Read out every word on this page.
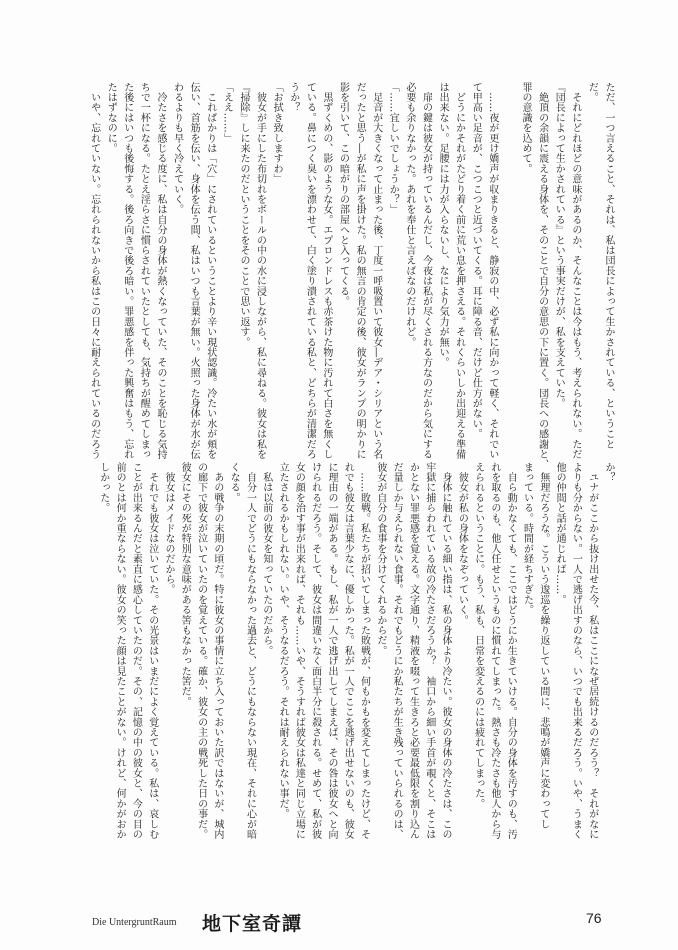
ただ、一つ言えること、それは、私は団長によって生かされている、ということ
だ。
　それにどれほどの意味があるのか、そんなことは今はもう、考えられない。ただ
『団長によって生かされている』という事実だけが、私を支えていた。
　絶頂の余韻に震える身体を、そのことで自分の意思の下に置く。団長への感謝と、
罪の意識を込めて。

　……夜が更け嬌声が収まりきると、静寂の中、必ず私に向かって軽く、それでい
て甲高い足音が、こつこつと近づいてくる。耳に障る音、だけど仕方がない。
　どうにかそれがたどり着く前に荒い息を押さえる。それくらいしか出迎える準備
は出来ない。足腰には力が入らないし、なにより気力が無い。
　扉の鍵は彼女が持っているんだし、今夜は私が尽くされる方なのだから気にする
必要も余りなかった。あれを奉仕と言えばなのだけれど。
「……宜しいでしょうか？」
　足音が大きくなって止まった後、丁度一呼吸置いて彼女―デア・シリアという名
だったと思う―が私に声を掛けた。私の無言の肯定の後、彼女がランプの明かりに
影を引いて、この暗がりの部屋へと入ってくる。
　黒ずくめの、影のような女。エプロンドレスも赤茶けた物に汚れて白さを無くし
ている。鼻につく臭いを漂わせて、白く塗り潰されている私と、どちらが清潔だろ
うか？
「お拭き致しますわ」
　彼女が手にした布切れをボールの中の水に浸しながら、私に尋ねる。彼女は私を
『掃除』しに来たのだということをそのことで思い返す。
「ええ……」
　これぱかりは「穴」にされているということより辛い現状認識。冷たい水が頬を
伝い、首筋を伝い、身体を伝う間、私はいつも言葉が無い。火照った身体が水が伝
わるよりも早く冷えていく。
　冷たさを感じる度に、私は自分の身体が熱くなっていた、そのことを恥じる気持
ちで一杯になる。たとえ淫らさに慣らされていたとしても、気持ちが醒めてしまっ
た後にはいつも後悔する。後ろ向きで後ろ暗い。罪悪感を伴った興奮はもう、忘れ
たはずなのに。
　いや、忘れていない。忘れられないから私はこの日々に耐えられているのだろう
か？
　ユナがここから抜け出せた今、私はここになぜ居続けるのだろう？　それがなに
よりも分からない。一人で逃げ出すのなら、いつでも出来るだろう。いや、うまく
他の仲間と話が通じれば……。
　無理だろうな。こういう逡巡を繰り返している間に、悲鳴が嬌声に変わってし
まっている。時間が経ちすぎた。
　自ら動かなくても、ここではどうにか生きていける。自分の身体を汚すのも、汚
れを取るのも、他人任せというものに慣れてしまった。熱さも冷たさも他人から与
えられるということに。もう、私も、日常を変えるのには疲れてしまった。
　彼女が私の身体をなぞっていく。
　身体に触れている細い指は、私の身体より冷たい。彼女の身体の冷たさは、この
牢獄に捕らわれている故の冷たさだろうか？　袖口から細い手首が覗くと、そこは
かとない罪悪感を覚える。文字通り、精液を啜って生きろと必要最低限を割り込ん
だ量しか与えられない食事。それでもどうにか私たちが生き残っていられるのは、
彼女が自分の食事を分けてくれるからだ。
　……敗戦。私たちが招いてしまった敗戦が、何もかもを変えてしまったけど、そ
れでも彼女は言葉少なに、優しかった。私が一人でここを逃げ出せないのも、彼女
に理由の一端がある。もし、私が一人で逃げ出してしまえば、その咎は彼女へと向
けられるだろう。そして、彼女は間違いなく面白半分に殺される。せめて、私が彼
女の顔を治す事が出来れば、それも……いや、そうすれば彼女は私達と同じ立場に
立たされるかもしれない。いや、そうなるだろう。それは耐えられない事だ。
　私は以前の彼女を知っていたのだから。
　自分一人でどうにもならなかった過去と、どうにもならない現在、それに心が暗
くなる。
　あの戦争の末期の頃だ。特に彼女の事情に立ち入っておいた訳ではないが、城内
の廊下で彼女が泣いていたのを覚えている。確か、彼女の主の戦死した日の事だ。
彼女にその死が特別な意味がある筈もなかった筈だ。
　彼女はメイドなのだから。
　それでも彼女は泣いていた。その光景はいまだによく覚えている。私は、哀しむ
ことが出来るんだと素直に感心していたのだ。その、記憶の中の彼女と、今の目の
前のとは何か重ならない。彼女の笑った顔は見たことがない。けれど、何かがおか
しかった。
Die UntergruntRaum 地下室奇譚	76
